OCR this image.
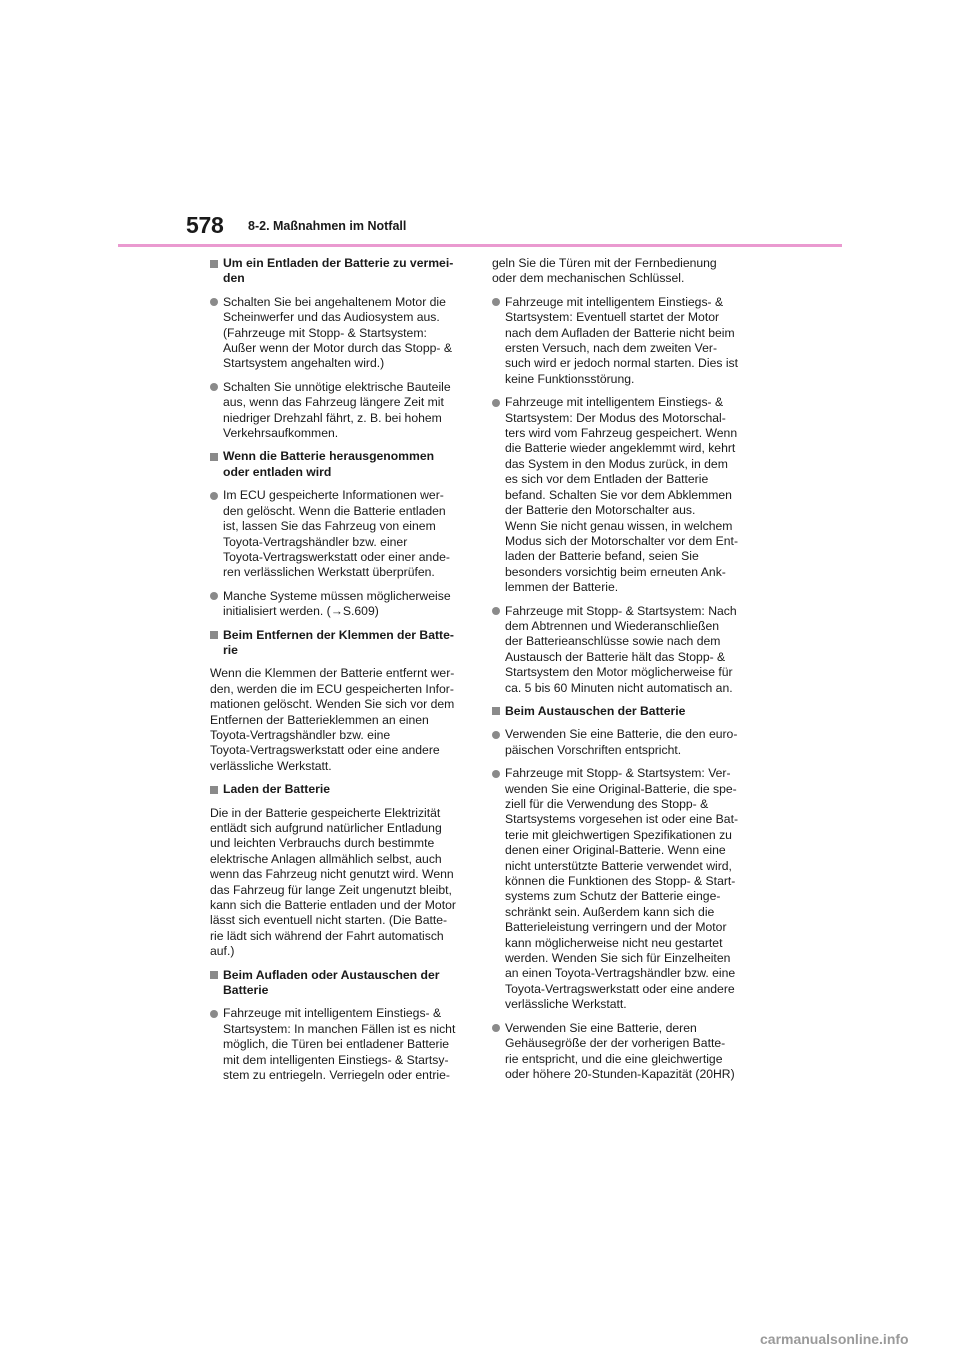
578 8-2. Maßnahmen im Notfall
Um ein Entladen der Batterie zu vermei-
den
Schalten Sie bei angehaltenem Motor die
Scheinwerfer und das Audiosystem aus.
(Fahrzeuge mit Stopp- & Startsystem:
Außer wenn der Motor durch das Stopp- &
Startsystem angehalten wird.)
Schalten Sie unnötige elektrische Bauteile
aus, wenn das Fahrzeug längere Zeit mit
niedriger Drehzahl fährt, z. B. bei hohem
Verkehrsaufkommen.
Wenn die Batterie herausgenommen
oder entladen wird
Im ECU gespeicherte Informationen wer-
den gelöscht. Wenn die Batterie entladen
ist, lassen Sie das Fahrzeug von einem
Toyota-Vertragshändler bzw. einer
Toyota-Vertragswerkstatt oder einer ande-
ren verlässlichen Werkstatt überprüfen.
Manche Systeme müssen möglicherweise
initialisiert werden. (→S.609)
Beim Entfernen der Klemmen der Batte-
rie
Wenn die Klemmen der Batterie entfernt wer-
den, werden die im ECU gespeicherten Infor-
mationen gelöscht. Wenden Sie sich vor dem
Entfernen der Batterieklemmen an einen
Toyota-Vertragshändler bzw. eine
Toyota-Vertragswerkstatt oder eine andere
verlässliche Werkstatt.
Laden der Batterie
Die in der Batterie gespeicherte Elektrizität
entlädt sich aufgrund natürlicher Entladung
und leichten Verbrauchs durch bestimmte
elektrische Anlagen allmählich selbst, auch
wenn das Fahrzeug nicht genutzt wird. Wenn
das Fahrzeug für lange Zeit ungenutzt bleibt,
kann sich die Batterie entladen und der Motor
lässt sich eventuell nicht starten. (Die Batte-
rie lädt sich während der Fahrt automatisch
auf.)
Beim Aufladen oder Austauschen der
Batterie
Fahrzeuge mit intelligentem Einstiegs- &
Startsystem: In manchen Fällen ist es nicht
möglich, die Türen bei entladener Batterie
mit dem intelligenten Einstiegs- & Startsy-
stem zu entriegeln. Verriegeln oder entrie-
geln Sie die Türen mit der Fernbedienung
oder dem mechanischen Schlüssel.
Fahrzeuge mit intelligentem Einstiegs- &
Startsystem: Eventuell startet der Motor
nach dem Aufladen der Batterie nicht beim
ersten Versuch, nach dem zweiten Ver-
such wird er jedoch normal starten. Dies ist
keine Funktionsstörung.
Fahrzeuge mit intelligentem Einstiegs- &
Startsystem: Der Modus des Motorschal-
ters wird vom Fahrzeug gespeichert. Wenn
die Batterie wieder angeklemmt wird, kehrt
das System in den Modus zurück, in dem
es sich vor dem Entladen der Batterie
befand. Schalten Sie vor dem Abklemmen
der Batterie den Motorschalter aus.
Wenn Sie nicht genau wissen, in welchem
Modus sich der Motorschalter vor dem Ent-
laden der Batterie befand, seien Sie
besonders vorsichtig beim erneuten Ank-
lemmen der Batterie.
Fahrzeuge mit Stopp- & Startsystem: Nach
dem Abtrennen und Wiederanschließen
der Batterieanschlüsse sowie nach dem
Austausch der Batterie hält das Stopp- &
Startsystem den Motor möglicherweise für
ca. 5 bis 60 Minuten nicht automatisch an.
Beim Austauschen der Batterie
Verwenden Sie eine Batterie, die den euro-
päischen Vorschriften entspricht.
Fahrzeuge mit Stopp- & Startsystem: Ver-
wenden Sie eine Original-Batterie, die spe-
ziell für die Verwendung des Stopp- &
Startsystems vorgesehen ist oder eine Bat-
terie mit gleichwertigen Spezifikationen zu
denen einer Original-Batterie. Wenn eine
nicht unterstützte Batterie verwendet wird,
können die Funktionen des Stopp- & Start-
systems zum Schutz der Batterie einge-
schränkt sein. Außerdem kann sich die
Batterieleistung verringern und der Motor
kann möglicherweise nicht neu gestartet
werden. Wenden Sie sich für Einzelheiten
an einen Toyota-Vertragshändler bzw. eine
Toyota-Vertragswerkstatt oder eine andere
verlässliche Werkstatt.
Verwenden Sie eine Batterie, deren
Gehäusegröße der der vorherigen Batte-
rie entspricht, und die eine gleichwertige
oder höhere 20-Stunden-Kapazität (20HR)
carmanualsonline.info
